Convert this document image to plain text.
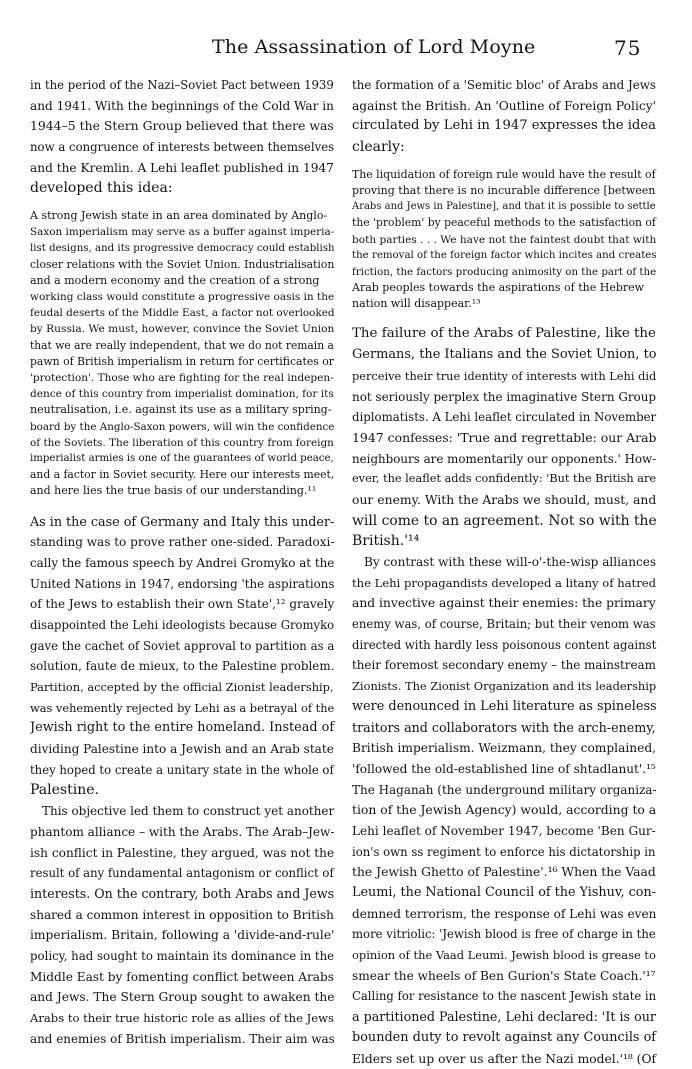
The Assassination of Lord Moyne	75
in the period of the Nazi–Soviet Pact between 1939
and 1941. With the beginnings of the Cold War in
1944–5 the Stern Group believed that there was
now a congruence of interests between themselves
and the Kremlin. A Lehi leaflet published in 1947
developed this idea:
A strong Jewish state in an area dominated by Anglo-
Saxon imperialism may serve as a buffer against imperia-
list designs, and its progressive democracy could establish
closer relations with the Soviet Union. Industrialisation
and a modern economy and the creation of a strong
working class would constitute a progressive oasis in the
feudal deserts of the Middle East, a factor not overlooked
by Russia. We must, however, convince the Soviet Union
that we are really independent, that we do not remain a
pawn of British imperialism in return for certificates or
'protection'. Those who are fighting for the real indepen-
dence of this country from imperialist domination, for its
neutralisation, i.e. against its use as a military spring-
board by the Anglo-Saxon powers, will win the confidence
of the Soviets. The liberation of this country from foreign
imperialist armies is one of the guarantees of world peace,
and a factor in Soviet security. Here our interests meet,
and here lies the true basis of our understanding.¹¹
As in the case of Germany and Italy this under-
standing was to prove rather one-sided. Paradoxi-
cally the famous speech by Andrei Gromyko at the
United Nations in 1947, endorsing 'the aspirations
of the Jews to establish their own State',¹² gravely
disappointed the Lehi ideologists because Gromyko
gave the cachet of Soviet approval to partition as a
solution, faute de mieux, to the Palestine problem.
Partition, accepted by the official Zionist leadership,
was vehemently rejected by Lehi as a betrayal of the
Jewish right to the entire homeland. Instead of
dividing Palestine into a Jewish and an Arab state
they hoped to create a unitary state in the whole of
Palestine.
This objective led them to construct yet another
phantom alliance – with the Arabs. The Arab–Jew-
ish conflict in Palestine, they argued, was not the
result of any fundamental antagonism or conflict of
interests. On the contrary, both Arabs and Jews
shared a common interest in opposition to British
imperialism. Britain, following a 'divide-and-rule'
policy, had sought to maintain its dominance in the
Middle East by fomenting conflict between Arabs
and Jews. The Stern Group sought to awaken the
Arabs to their true historic role as allies of the Jews
and enemies of British imperialism. Their aim was
the formation of a 'Semitic bloc' of Arabs and Jews
against the British. An 'Outline of Foreign Policy'
circulated by Lehi in 1947 expresses the idea
clearly:
The liquidation of foreign rule would have the result of
proving that there is no incurable difference [between
Arabs and Jews in Palestine], and that it is possible to settle
the 'problem' by peaceful methods to the satisfaction of
both parties . . . We have not the faintest doubt that with
the removal of the foreign factor which incites and creates
friction, the factors producing animosity on the part of the
Arab peoples towards the aspirations of the Hebrew
nation will disappear.¹³
The failure of the Arabs of Palestine, like the
Germans, the Italians and the Soviet Union, to
perceive their true identity of interests with Lehi did
not seriously perplex the imaginative Stern Group
diplomatists. A Lehi leaflet circulated in November
1947 confesses: 'True and regrettable: our Arab
neighbours are momentarily our opponents.' How-
ever, the leaflet adds confidently: 'But the British are
our enemy. With the Arabs we should, must, and
will come to an agreement. Not so with the
British.'¹⁴
By contrast with these will-o'-the-wisp alliances
the Lehi propagandists developed a litany of hatred
and invective against their enemies: the primary
enemy was, of course, Britain; but their venom was
directed with hardly less poisonous content against
their foremost secondary enemy – the mainstream
Zionists. The Zionist Organization and its leadership
were denounced in Lehi literature as spineless
traitors and collaborators with the arch-enemy,
British imperialism. Weizmann, they complained,
'followed the old-established line of shtadlanut'.¹⁵
The Haganah (the underground military organiza-
tion of the Jewish Agency) would, according to a
Lehi leaflet of November 1947, become 'Ben Gur-
ion's own ss regiment to enforce his dictatorship in
the Jewish Ghetto of Palestine'.¹⁶ When the Vaad
Leumi, the National Council of the Yishuv, con-
demned terrorism, the response of Lehi was even
more vitriolic: 'Jewish blood is free of charge in the
opinion of the Vaad Leumi. Jewish blood is grease to
smear the wheels of Ben Gurion's State Coach.'¹⁷
Calling for resistance to the nascent Jewish state in
a partitioned Palestine, Lehi declared: 'It is our
bounden duty to revolt against any Councils of
Elders set up over us after the Nazi model.'¹⁸ (Of
